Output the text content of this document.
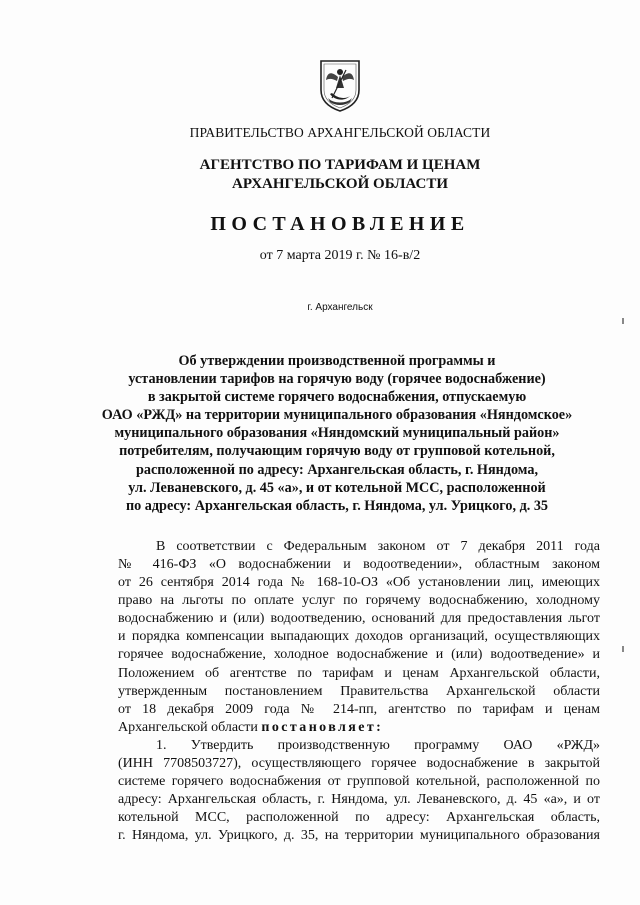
ПРАВИТЕЛЬСТВО АРХАНГЕЛЬСКОЙ ОБЛАСТИ
АГЕНТСТВО ПО ТАРИФАМ И ЦЕНАМ
АРХАНГЕЛЬСКОЙ ОБЛАСТИ
ПОСТАНОВЛЕНИЕ
от 7 марта 2019 г. № 16-в/2
г. Архангельск
Об утверждении производственной программы и
установлении тарифов на горячую воду (горячее водоснабжение)
в закрытой системе горячего водоснабжения, отпускаемую
ОАО «РЖД» на территории муниципального образования «Няндомское»
муниципального образования «Няндомский муниципальный район»
потребителям, получающим горячую воду от групповой котельной,
расположенной по адресу: Архангельская область, г. Няндома,
ул. Леваневского, д. 45 «а», и от котельной МСС, расположенной
по адресу: Архангельская область, г. Няндома, ул. Урицкого, д. 35
В соответствии с Федеральным законом от 7 декабря 2011 года
№ 416-ФЗ «О водоснабжении и водоотведении», областным законом
от 26 сентября 2014 года № 168-10-ОЗ «Об установлении лиц, имеющих
право на льготы по оплате услуг по горячему водоснабжению, холодному
водоснабжению и (или) водоотведению, оснований для предоставления льгот
и порядка компенсации выпадающих доходов организаций, осуществляющих
горячее водоснабжение, холодное водоснабжение и (или) водоотведение» и
Положением об агентстве по тарифам и ценам Архангельской области,
утвержденным постановлением Правительства Архангельской области
от 18 декабря 2009 года № 214-пп, агентство по тарифам и ценам
Архангельской области постановляет:
1. Утвердить производственную программу ОАО «РЖД»
(ИНН 7708503727), осуществляющего горячее водоснабжение в закрытой
системе горячего водоснабжения от групповой котельной, расположенной по
адресу: Архангельская область, г. Няндома, ул. Леваневского, д. 45 «а», и от
котельной МСС, расположенной по адресу: Архангельская область,
г. Няндома, ул. Урицкого, д. 35, на территории муниципального образования
